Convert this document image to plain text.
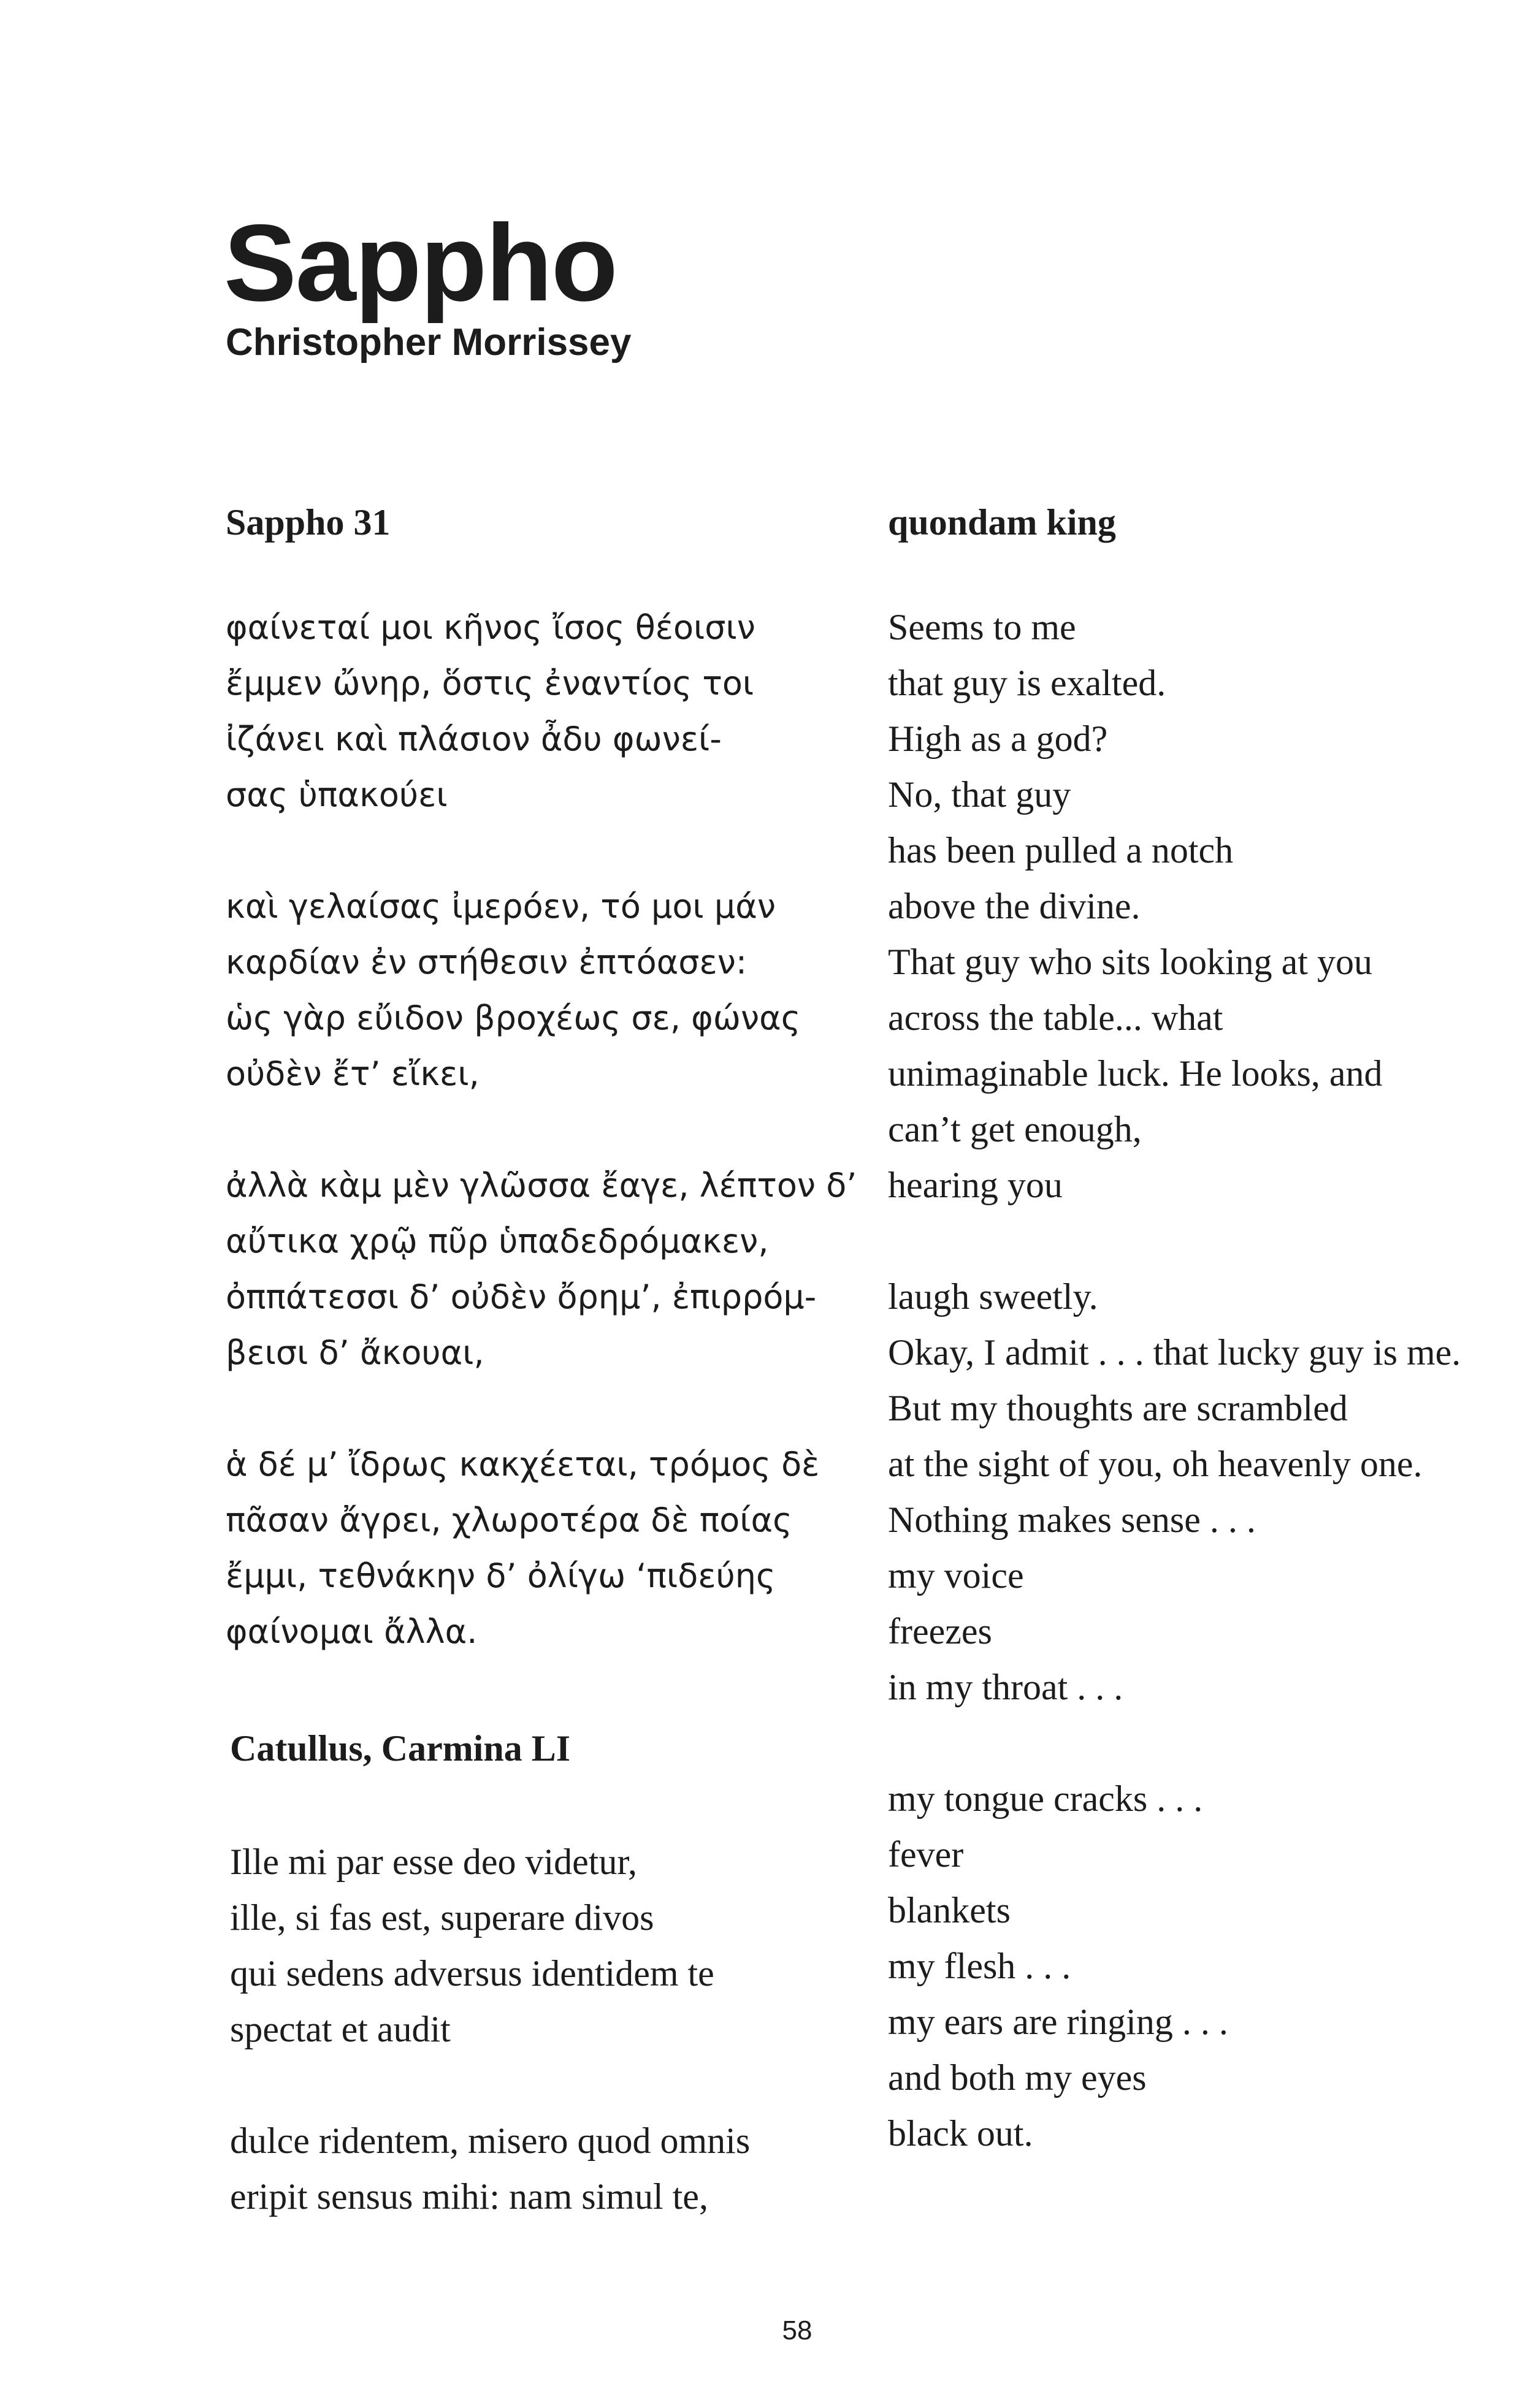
Sappho
Christopher Morrissey
Sappho 31
φαίνεταί μοι κῆνος ἴσος θέοισιν
ἔμμεν ὤνηρ, ὅστις ἐναντίος τοι
ἰζάνει καὶ πλάσιον ἆδυ φωνεί-
σας ὑπακούει
καὶ γελαίσας ἰμερόεν, τό μοι μάν
καρδίαν ἐν στήθεσιν ἐπτόασεν:
ὡς γὰρ εὔιδον βροχέως σε, φώνας
οὐδὲν ἔτ’ εἴκει,
ἀλλὰ κὰμ μὲν γλῶσσα ἔαγε, λέπτον δ’
αὔτικα χρῷ πῦρ ὑπαδεδρόμακεν,
ὀππάτεσσι δ’ οὐδὲν ὄρημ’, ἐπιρρόμ-
βεισι δ’ ἄκουαι,
ἁ δέ μ’ ἴδρως κακχέεται, τρόμος δὲ
πᾶσαν ἄγρει, χλωροτέρα δὲ ποίας
ἔμμι, τεθνάκην δ’ ὀλίγω ‘πιδεύης
φαίνομαι ἄλλα.
Catullus, Carmina LI
Ille mi par esse deo videtur,
ille, si fas est, superare divos
qui sedens adversus identidem te
spectat et audit
dulce ridentem, misero quod omnis
eripit sensus mihi: nam simul te,
quondam king
Seems to me
that guy is exalted.
High as a god?
No, that guy
has been pulled a notch
above the divine.
That guy who sits looking at you
across the table... what
unimaginable luck. He looks, and
can’t get enough,
hearing you
laugh sweetly.
Okay, I admit . . . that lucky guy is me.
But my thoughts are scrambled
at the sight of you, oh heavenly one.
Nothing makes sense . . .
my voice
freezes
in my throat . . .
my tongue cracks . . .
fever
blankets
my flesh . . .
my ears are ringing . . .
and both my eyes
black out.
58
